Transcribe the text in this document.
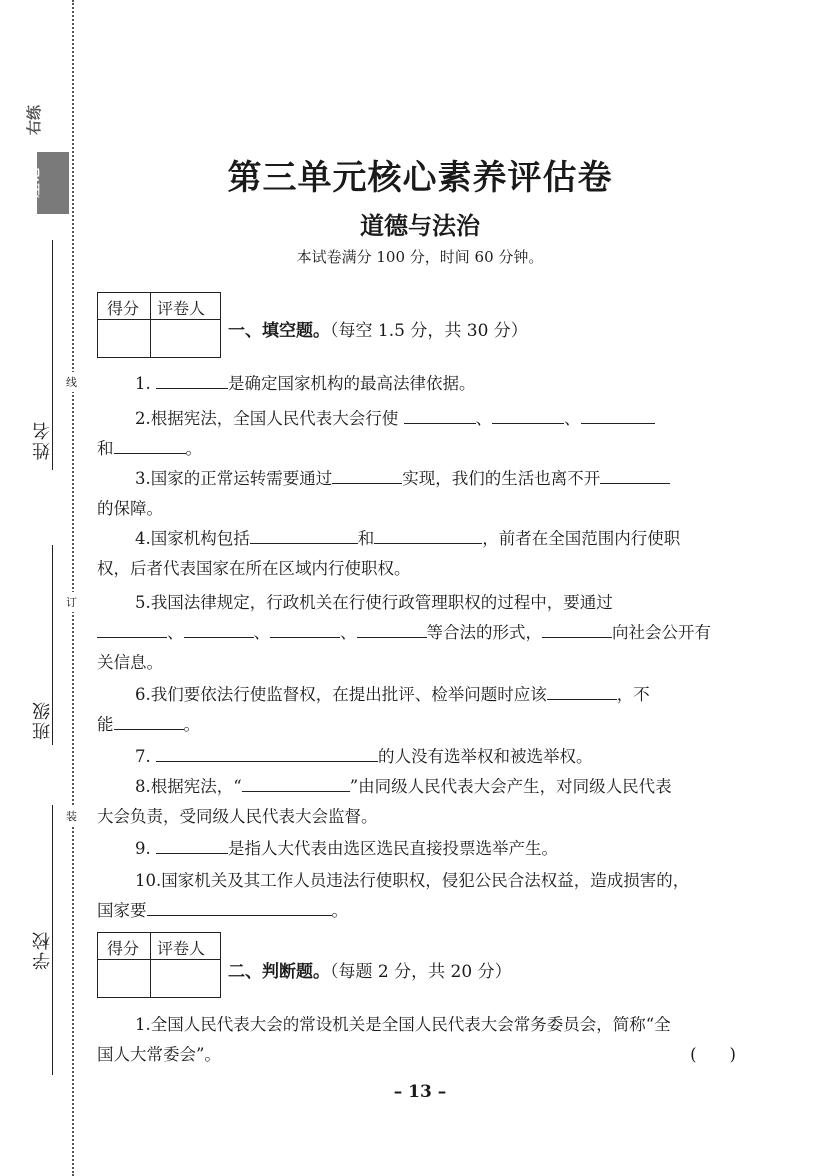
左记
右练
姓名
班级
学校
线
订
装
第三单元核心素养评估卷
道德与法治
本试卷满分 100 分，时间 60 分钟。
得分 评卷人
一、填空题。（每空 1.5 分，共 30 分）
1.	是确定国家机构的最高法律依据。
2.根据宪法，全国人民代表大会行使	、	、
和	。
3.国家的正常运转需要通过	实现，我们的生活也离不开
的保障。
4.国家机构包括	和	，前者在全国范围内行使职
权，后者代表国家在所在区域内行使职权。
5.我国法律规定，行政机关在行使行政管理职权的过程中，要通过
、	、	、	等合法的形式，	向社会公开有
关信息。
6.我们要依法行使监督权，在提出批评、检举问题时应该	，不
能	。
7.	的人没有选举权和被选举权。
8.根据宪法，“	”由同级人民代表大会产生，对同级人民代表
大会负责，受同级人民代表大会监督。
9.	是指人大代表由选区选民直接投票选举产生。
10.国家机关及其工作人员违法行使职权，侵犯公民合法权益，造成损害的，
国家要	。
得分 评卷人
二、判断题。（每题 2 分，共 20 分）
1.全国人民代表大会的常设机关是全国人民代表大会常务委员会，简称“全
国人大常委会”。	(　　)
– 13 –
